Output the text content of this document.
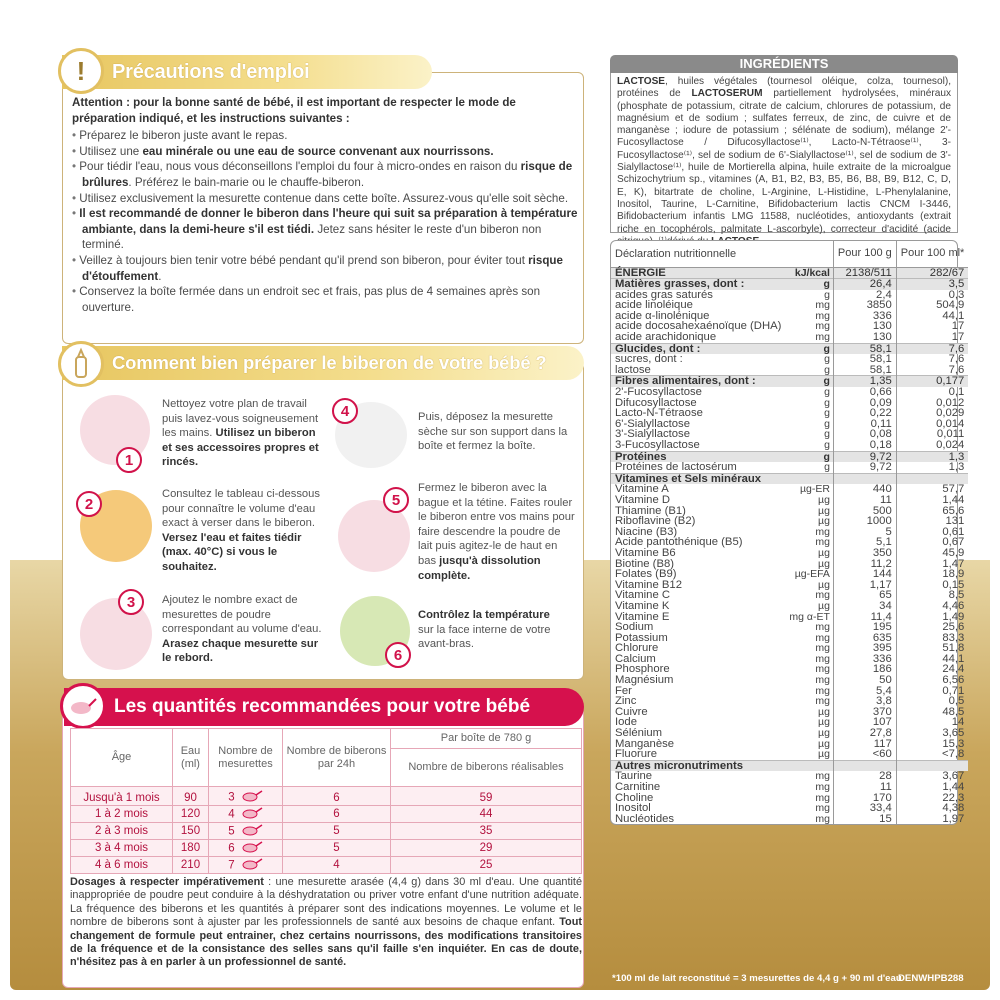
Précautions d'emploi
!

Attention : pour la bonne santé de bébé, il est important de respecter le mode de préparation indiqué, et les instructions suivantes :

• Préparez le biberon juste avant le repas.
• Utilisez une eau minérale ou une eau de source convenant aux nourrissons.
• Pour tiédir l'eau, nous vous déconseillons l'emploi du four à micro-ondes en raison du risque de brûlures. Préférez le bain-marie ou le chauffe-biberon.
• Utilisez exclusivement la mesurette contenue dans cette boîte. Assurez-vous qu'elle soit sèche.
• Il est recommandé de donner le biberon dans l'heure qui suit sa préparation à température ambiante, dans la demi-heure s'il est tiédi. Jetez sans hésiter le reste d'un biberon non terminé.
• Veillez à toujours bien tenir votre bébé pendant qu'il prend son biberon, pour éviter tout risque d'étouffement.
• Conservez la boîte fermée dans un endroit sec et frais, pas plus de 4 semaines après son ouverture.
Comment bien préparer le biberon de votre bébé ?
1
2
3
4
5
6
Nettoyez votre plan de travail puis lavez-vous soigneusement les mains. Utilisez un biberon et ses accessoires propres et rincés.
Consultez le tableau ci-dessous pour connaître le volume d'eau exact à verser dans le biberon. Versez l'eau et faites tiédir (max. 40°C) si vous le souhaitez.
Ajoutez le nombre exact de mesurettes de poudre correspondant au volume d'eau. Arasez chaque mesurette sur le rebord.
Puis, déposez la mesurette sèche sur son support dans la boîte et fermez la boîte.
Fermez le biberon avec la bague et la tétine. Faites rouler le biberon entre vos mains pour faire descendre la poudre de lait puis agitez-le de haut en bas jusqu'à dissolution complète.
Contrôlez la température sur la face interne de votre avant-bras.
Les quantités recommandées pour votre bébé
Âge	Eau (ml)	Nombre de mesurettes	Nombre de biberons par 24h	Par boîte de 780 g
				Nombre de biberons réalisables
Jusqu'à 1 mois	90	3	6	59
1 à 2 mois	120	4	6	44
2 à 3 mois	150	5	5	35
3 à 4 mois	180	6	5	29
4 à 6 mois	210	7	4	25
Dosages à respecter impérativement : une mesurette arasée (4,4 g) dans 30 ml d'eau. Une quantité inappropriée de poudre peut conduire à la déshydratation ou priver votre enfant d'une nutrition adéquate. La fréquence des biberons et les quantités à préparer sont des indications moyennes. Le volume et le nombre de biberons sont à ajuster par les professionnels de santé aux besoins de chaque enfant. Tout changement de formule peut entrainer, chez certains nourrissons, des modifications transitoires de la fréquence et de la consistance des selles sans qu'il faille s'en inquiéter. En cas de doute, n'hésitez pas à en parler à un professionnel de santé.
INGRÉDIENTS
LACTOSE, huiles végétales (tournesol oléique, colza, tournesol), protéines de LACTOSERUM partiellement hydrolysées, minéraux (phosphate de potassium, citrate de calcium, chlorures de potassium, de magnésium et de sodium ; sulfates ferreux, de zinc, de cuivre et de manganèse ; iodure de potassium ; sélénate de sodium), mélange 2'-Fucosyllactose / Difucosyllactose⁽¹⁾, Lacto-N-Tétraose⁽¹⁾, 3-Fucosyllactose⁽¹⁾, sel de sodium de 6'-Sialyllactose⁽¹⁾, sel de sodium de 3'-Sialyllactose⁽¹⁾, huile de Mortierella alpina, huile extraite de la microalgue Schizochytrium sp., vitamines (A, B1, B2, B3, B5, B6, B8, B9, B12, C, D, E, K), bitartrate de choline, L-Arginine, L-Histidine, L-Phenylalanine, Inositol, Taurine, L-Carnitine, Bifidobacterium lactis CNCM I-3446, Bifidobacterium infantis LMG 11588, nucléotides, antioxydants (extrait riche en tocophérols, palmitate L-ascorbyle), correcteur d'acidité (acide
Déclaration nutritionnelle		Pour 100 g	Pour 100 ml*
ÉNERGIE	kJ/kcal	2138/511	282/67
Matières grasses, dont :	g	26,4	3,5
acides gras saturés	g	2,4	0,3
acide linoléique	mg	3850	504,9
acide α-linolénique	mg	336	44,1
acide docosahexaénoïque (DHA)	mg	130	17
acide arachidonique	mg	130	17
Glucides, dont :	g	58,1	7,6
sucres, dont :	g	58,1	7,6
lactose	g	58,1	7,6
Fibres alimentaires, dont :	g	1,35	0,177
2'-Fucosyllactose	g	0,66	0,1
Difucosyllactose	g	0,09	0,012
Lacto-N-Tétraose	g	0,22	0,029
6'-Sialyllactose	g	0,11	0,014
3'-Sialyllactose	g	0,08	0,011
3-Fucosyllactose	g	0,18	0,024
Protéines	g	9,72	1,3
Protéines de lactosérum	g	9,72	1,3
Vitamines et Sels minéraux			
Vitamine A	µg-ER	440	57,7
Vitamine D	µg	11	1,44
Thiamine (B1)	µg	500	65,6
Riboflavine (B2)	µg	1000	131
Niacine (B3)	mg	5	0,61
Acide pantothénique (B5)	mg	5,1	0,67
Vitamine B6	µg	350	45,9
Biotine (B8)	µg	11,2	1,47
Folates (B9)	µg-EFA	144	18,9
Vitamine B12	µg	1,17	0,15
Vitamine C	mg	65	8,5
Vitamine K	µg	34	4,46
Vitamine E	mg α-ET	11,4	1,49
Sodium	mg	195	25,6
Potassium	mg	635	83,3
Chlorure	mg	395	51,8
Calcium	mg	336	44,1
Phosphore	mg	186	24,4
Magnésium	mg	50	6,56
Fer	mg	5,4	0,71
Zinc	mg	3,8	0,5
Cuivre	µg	370	48,5
Iode	µg	107	14
Sélénium	µg	27,8	3,65
Manganèse	µg	117	15,3
Fluorure	µg	<60	<7,8
Autres micronutriments			
Taurine	mg	28	3,67
Carnitine	mg	11	1,44
Choline	mg	170	22,3
Inositol	mg	33,4	4,38
Nucléotides	mg	15	1,97
*100 ml de lait reconstitué = 3 mesurettes de 4,4 g + 90 ml d'eau
DENWHPB288
